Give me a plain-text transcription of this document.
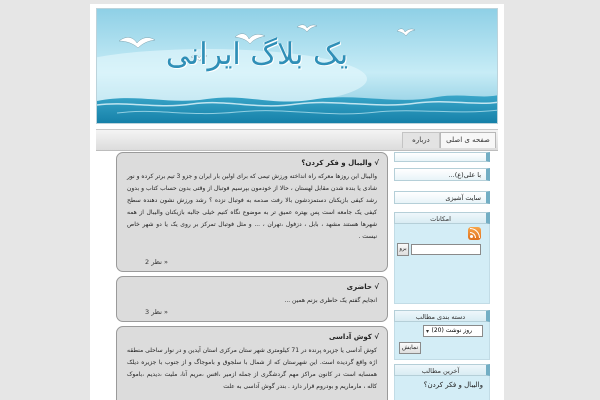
یک بلاگ ایرانی
صفحه ی اصلی
درباره
√ والیبال و فکر کردن؟
والیبال این روزها معرکه راه انداخته ورزش تیمی که برای اولین بار ایران و جزو 3 تیم برتر کرده و نور شادی یا بنده شدن مقابل لهستان ، حالا از خودمون بپرسیم فوتبال از وقتی بدون حساب کتاب و بدون رشد کیفی بازیکنان دستمزدشون بالا رفت صدمه به فوتبال نزده ؟ رشد ورزش نشون دهنده سطح کیفی یک جامعه است پس بهتره عمیق تر به موضوع نگاه کنیم خیلی جالبه بازیکنان والیبال از همه شهرها هستند مشهد ، بابل ، دزفول ،تهران ، ... و مثل فوتبال تمرکز بر روی یک یا دو شهر خاص نیست .
2 نظر »
√ حاضری
انجایم گفتم یک حاظری بزنم همین ...
3 نظر »
√ کوش آداسی
کوش آداسی یا جزیره پرنده در 71 کیلومتری شهر ستان مرکزی استان آیدین و در نوار ساحلی منطقه اژه واقع گردیده است. این شهرستان که از شمال با سلجوق و بامو‌جاگ و از جنوب با جزیره دیلک همسایه است در کانون مراکز مهم گردشگری از جمله ازمیر ،افس ،مریم آنا، ملیت ،دیدیم ،باموک کاله ، مارماریم و بودروم قرار دارد . بندر گوش آداسی به علت
با علی(ع)...
سایت آشیزی
امکانات
برو
دسته بندی مطالب
روز نوشت (20)
▾
نمایش
آخرین مطالب
والیبال و فکر کردن؟
